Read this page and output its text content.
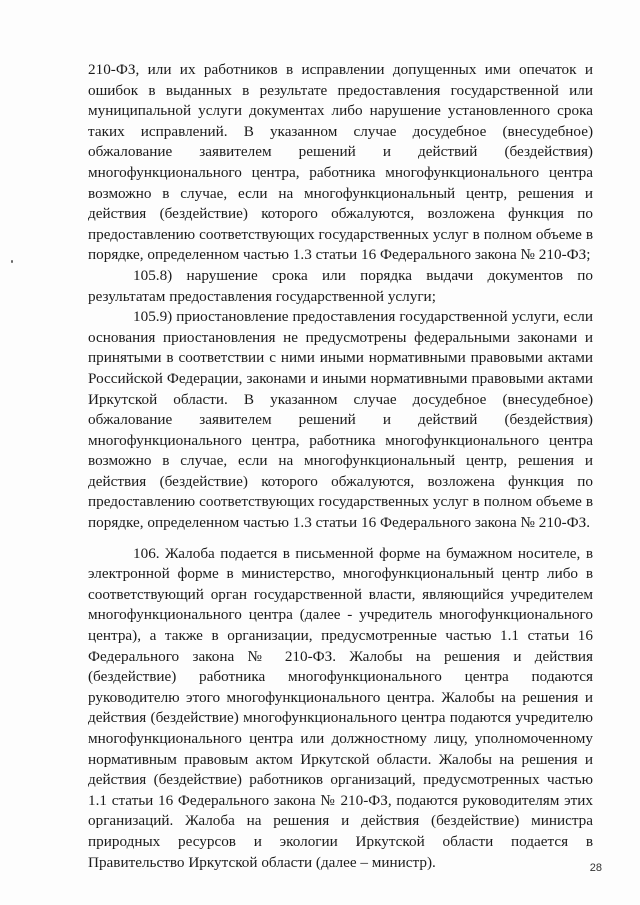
210-ФЗ, или их работников в исправлении допущенных ими опечаток и ошибок в выданных в результате предоставления государственной или муниципальной услуги документах либо нарушение установленного срока таких исправлений. В указанном случае досудебное (внесудебное) обжалование заявителем решений и действий (бездействия) многофункционального центра, работника многофункционального центра возможно в случае, если на многофункциональный центр, решения и действия (бездействие) которого обжалуются, возложена функция по предоставлению соответствующих государственных услуг в полном объеме в порядке, определенном частью 1.3 статьи 16 Федерального закона № 210-ФЗ;

105.8) нарушение срока или порядка выдачи документов по результатам предоставления государственной услуги;

105.9) приостановление предоставления государственной услуги, если основания приостановления не предусмотрены федеральными законами и принятыми в соответствии с ними иными нормативными правовыми актами Российской Федерации, законами и иными нормативными правовыми актами Иркутской области. В указанном случае досудебное (внесудебное) обжалование заявителем решений и действий (бездействия) многофункционального центра, работника многофункционального центра возможно в случае, если на многофункциональный центр, решения и действия (бездействие) которого обжалуются, возложена функция по предоставлению соответствующих государственных услуг в полном объеме в порядке, определенном частью 1.3 статьи 16 Федерального закона № 210-ФЗ.

106. Жалоба подается в письменной форме на бумажном носителе, в электронной форме в министерство, многофункциональный центр либо в соответствующий орган государственной власти, являющийся учредителем многофункционального центра (далее - учредитель многофункционального центра), а также в организации, предусмотренные частью 1.1 статьи 16 Федерального закона № 210-ФЗ. Жалобы на решения и действия (бездействие) работника многофункционального центра подаются руководителю этого многофункционального центра. Жалобы на решения и действия (бездействие) многофункционального центра подаются учредителю многофункционального центра или должностному лицу, уполномоченному нормативным правовым актом Иркутской области. Жалобы на решения и действия (бездействие) работников организаций, предусмотренных частью 1.1 статьи 16 Федерального закона № 210-ФЗ, подаются руководителям этих организаций. Жалоба на решения и действия (бездействие) министра природных ресурсов и экологии Иркутской области подается в Правительство Иркутской области (далее – министр).	28
